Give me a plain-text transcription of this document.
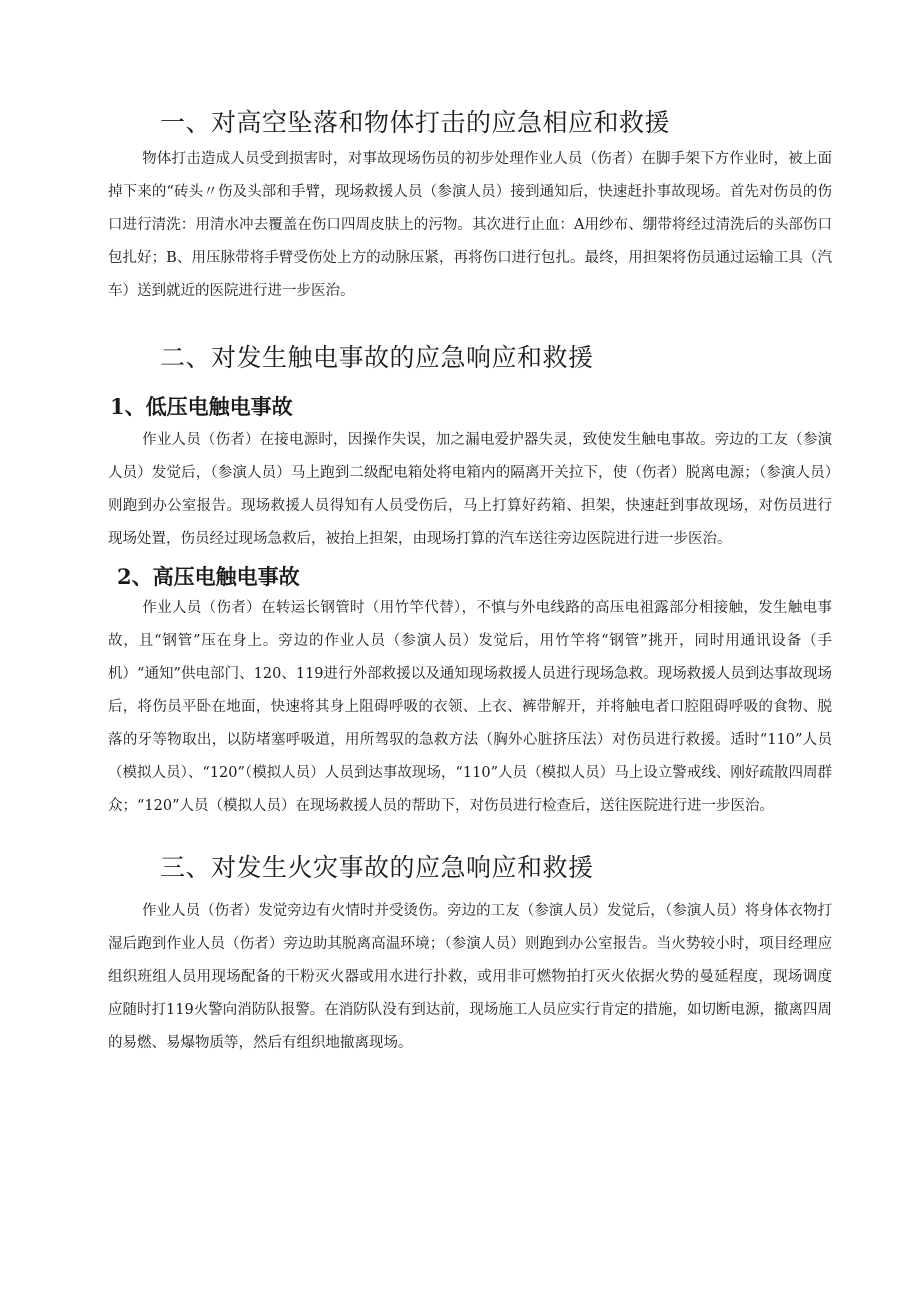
一、对高空坠落和物体打击的应急相应和救援

物体打击造成人员受到损害时，对事故现场伤员的初步处理作业人员（伤者）在脚手架下方作业时，被上面掉下来的“砖头〃伤及头部和手臂，现场救援人员（参演人员）接到通知后，快速赶扑事故现场。首先对伤员的伤口进行清洗：用清水冲去覆盖在伤口四周皮肤上的污物。其次进行止血：A用纱布、绷带将经过清洗后的头部伤口包扎好；B、用压脉带将手臂受伤处上方的动脉压紧，再将伤口进行包扎。最终，用担架将伤员通过运输工具（汽车）送到就近的医院进行进一步医治。

二、对发生触电事故的应急响应和救援
1、低压电触电事故

作业人员（伤者）在接电源时，因操作失误，加之漏电爱护器失灵，致使发生触电事故。旁边的工友（参演人员）发觉后，（参演人员）马上跑到二级配电箱处将电箱内的隔离开关拉下，使（伤者）脱离电源；（参演人员）则跑到办公室报告。现场救援人员得知有人员受伤后，马上打算好药箱、担架，快速赶到事故现场，对伤员进行现场处置，伤员经过现场急救后，被抬上担架，由现场打算的汽车送往旁边医院进行进一步医治。

2、高压电触电事故

作业人员（伤者）在转运长钢管时（用竹竿代替），不慎与外电线路的高压电祖露部分相接触，发生触电事故，且“钢管”压在身上。旁边的作业人员（参演人员）发觉后，用竹竿将“钢管”挑开，同时用通讯设备（手机）“通知”供电部门、120、119进行外部救援以及通知现场救援人员进行现场急救。现场救援人员到达事故现场后，将伤员平卧在地面，快速将其身上阻碍呼吸的衣领、上衣、裤带解开，并将触电者口腔阻碍呼吸的食物、脱落的牙等物取出，以防堵塞呼吸道，用所驾驭的急救方法（胸外心脏挤压法）对伤员进行救援。适时“110”人员（模拟人员）、“120”（模拟人员）人员到达事故现场，“110”人员（模拟人员）马上设立警戒线、刚好疏散四周群众；“120”人员（模拟人员）在现场救援人员的帮助下，对伤员进行检查后，送往医院进行进一步医治。

三、对发生火灾事故的应急响应和救援

作业人员（伤者）发觉旁边有火情时并受烫伤。旁边的工友（参演人员）发觉后，（参演人员）将身体衣物打湿后跑到作业人员（伤者）旁边助其脱离高温环境；（参演人员）则跑到办公室报告。当火势较小时，项目经理应组织班组人员用现场配备的干粉灭火器或用水进行扑救，或用非可燃物拍打灭火依据火势的曼延程度，现场调度应随时打119火警向消防队报警。在消防队没有到达前，现场施工人员应实行肯定的措施，如切断电源，撤离四周的易燃、易爆物质等，然后有组织地撤离现场。
